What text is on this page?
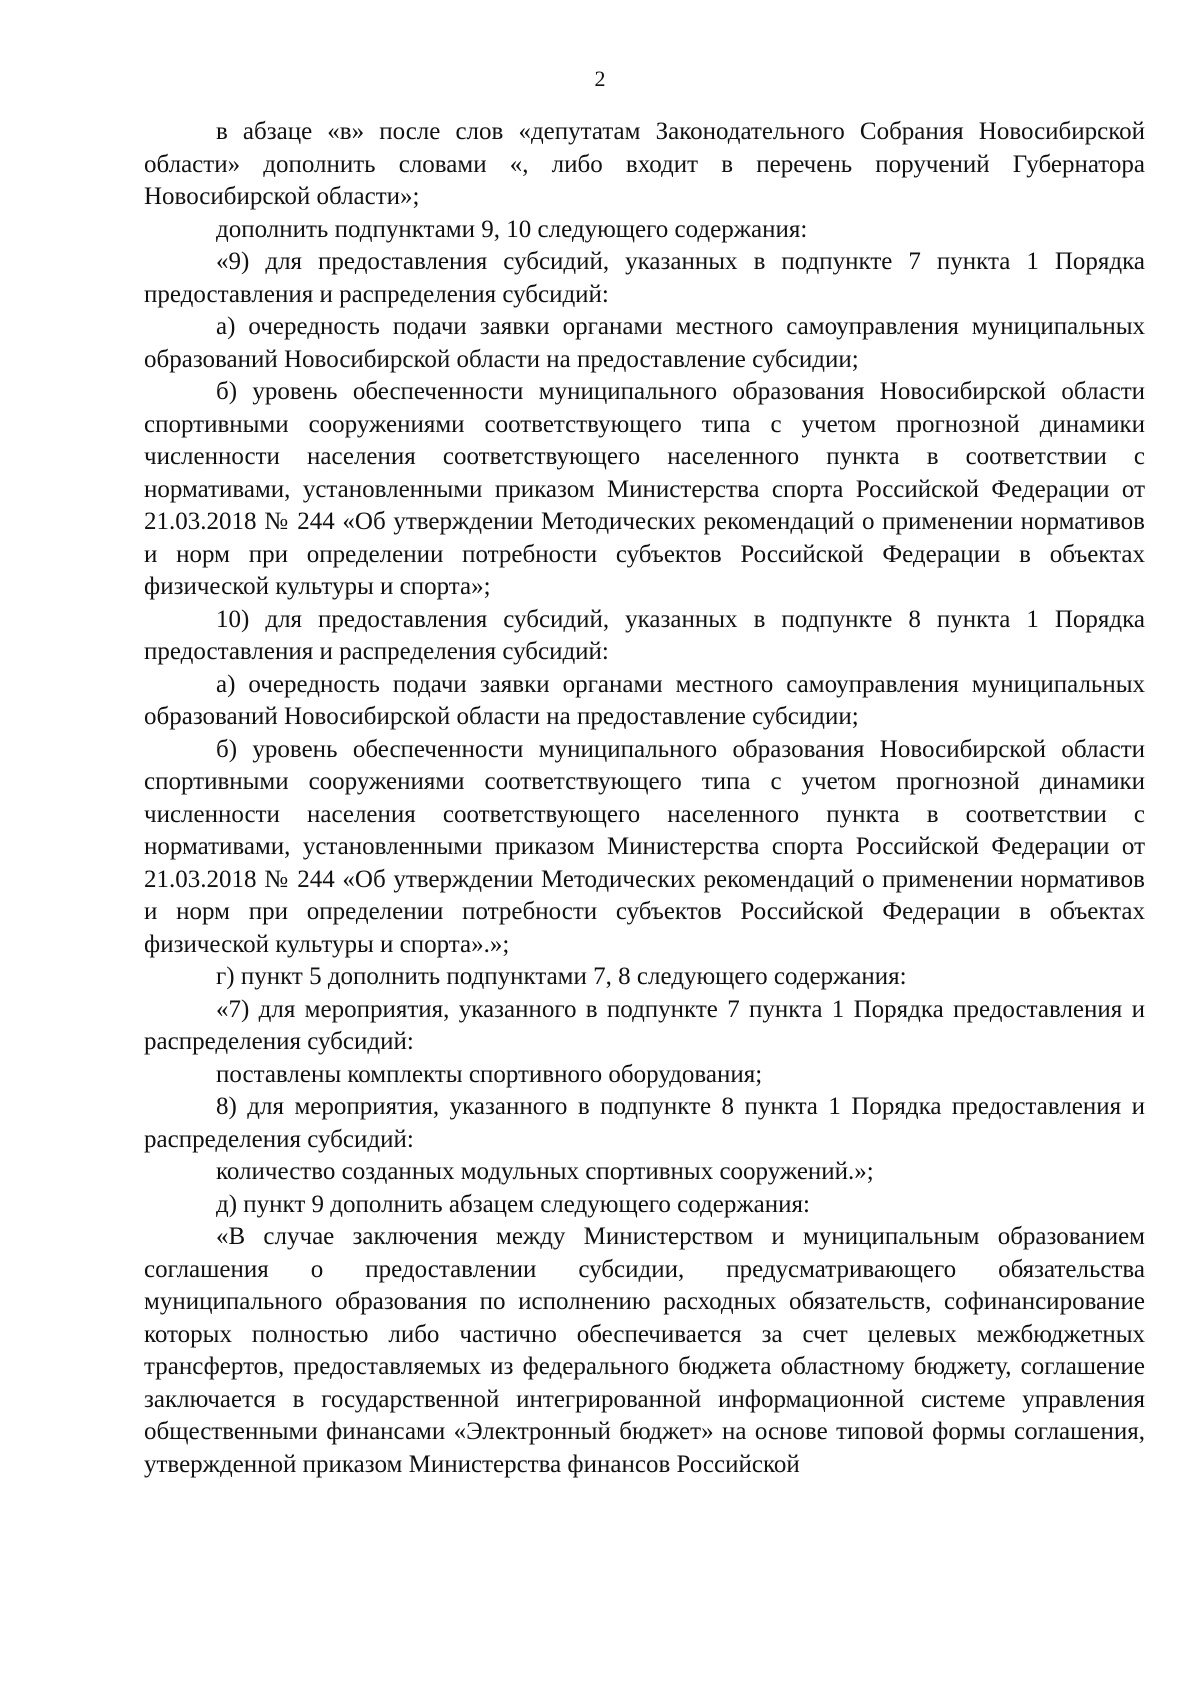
2

в абзаце «в» после слов «депутатам Законодательного Собрания Новосибирской области» дополнить словами «, либо входит в перечень поручений Губернатора Новосибирской области»;

дополнить подпунктами 9, 10 следующего содержания:

«9) для предоставления субсидий, указанных в подпункте 7 пункта 1 Порядка предоставления и распределения субсидий:

а) очередность подачи заявки органами местного самоуправления муниципальных образований Новосибирской области на предоставление субсидии;

б) уровень обеспеченности муниципального образования Новосибирской области спортивными сооружениями соответствующего типа с учетом прогнозной динамики численности населения соответствующего населенного пункта в соответствии с нормативами, установленными приказом Министерства спорта Российской Федерации от 21.03.2018 № 244 «Об утверждении Методических рекомендаций о применении нормативов и норм при определении потребности субъектов Российской Федерации в объектах физической культуры и спорта»;

10) для предоставления субсидий, указанных в подпункте 8 пункта 1 Порядка предоставления и распределения субсидий:

а) очередность подачи заявки органами местного самоуправления муниципальных образований Новосибирской области на предоставление субсидии;

б) уровень обеспеченности муниципального образования Новосибирской области спортивными сооружениями соответствующего типа с учетом прогнозной динамики численности населения соответствующего населенного пункта в соответствии с нормативами, установленными приказом Министерства спорта Российской Федерации от 21.03.2018 № 244 «Об утверждении Методических рекомендаций о применении нормативов и норм при определении потребности субъектов Российской Федерации в объектах физической культуры и спорта».»;

г) пункт 5 дополнить подпунктами 7, 8 следующего содержания:

«7) для мероприятия, указанного в подпункте 7 пункта 1 Порядка предоставления и распределения субсидий:

поставлены комплекты спортивного оборудования;

8) для мероприятия, указанного в подпункте 8 пункта 1 Порядка предоставления и распределения субсидий:

количество созданных модульных спортивных сооружений.»;

д) пункт 9 дополнить абзацем следующего содержания:

«В случае заключения между Министерством и муниципальным образованием соглашения о предоставлении субсидии, предусматривающего обязательства муниципального образования по исполнению расходных обязательств, софинансирование которых полностью либо частично обеспечивается за счет целевых межбюджетных трансфертов, предоставляемых из федерального бюджета областному бюджету, соглашение заключается в государственной интегрированной информационной системе управления общественными финансами «Электронный бюджет» на основе типовой формы соглашения, утвержденной приказом Министерства финансов Российской
